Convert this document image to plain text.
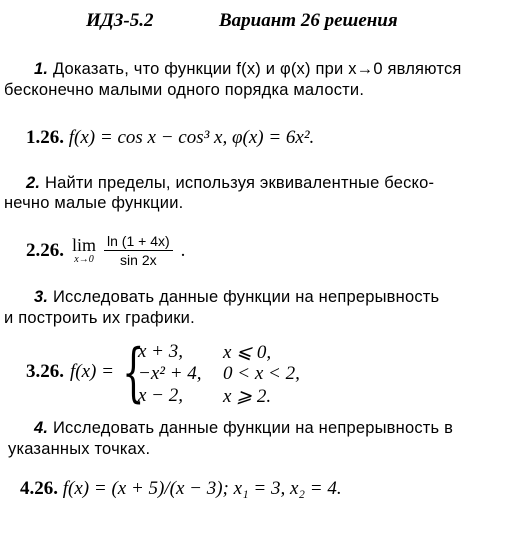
ИДЗ-5.2	Вариант 26 решения
1. Доказать, что функции f(x) и φ(x) при x→0 являются
бесконечно малыми одного порядка малости.
1.26. f(x) = cos x − cos³ x, φ(x) = 6x².
2. Найти пределы, используя эквивалентные беско-
нечно малые функции.
2.26. lim
$x\to 0 \frac{\ln (1 + 4x)}{\sin 2x}$ .
3. Исследовать данные функции на непрерывность
и построить их графики.
3.26. f(x) = {
x + 3, x ⩽ 0,
−x² + 4, 0 < x < 2,
x − 2, x ⩾ 2.
4. Исследовать данные функции на непрерывность в
указанных точках.
4.26. f(x) = (x + 5)/(x − 3); x₁ = 3, x₂ = 4.
